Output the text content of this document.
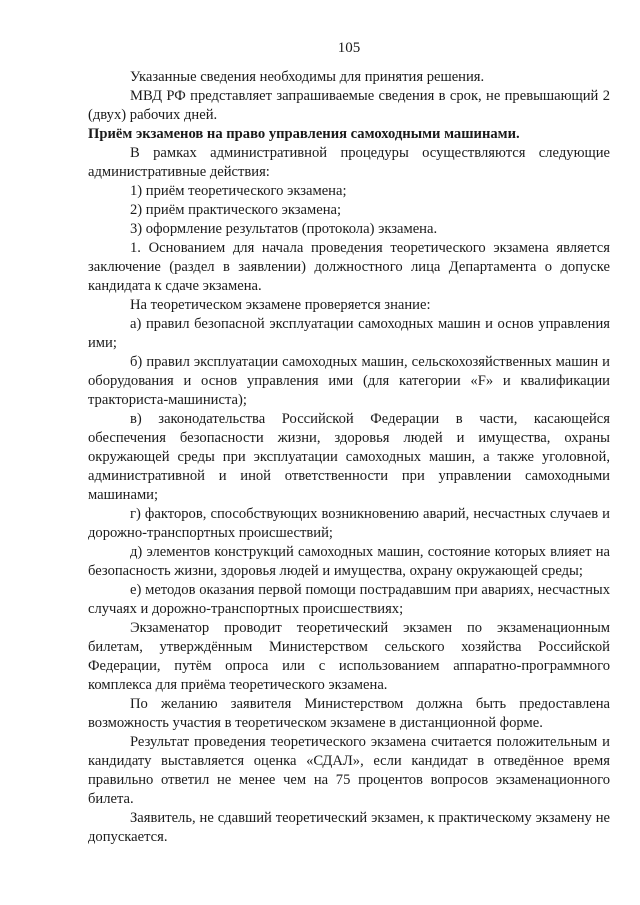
105

Указанные сведения необходимы для принятия решения.

МВД РФ представляет запрашиваемые сведения в срок, не превышающий 2 (двух) рабочих дней.

Приём экзаменов на право управления самоходными машинами.

В рамках административной процедуры осуществляются следующие административные действия:

1) приём теоретического экзамена;

2) приём практического экзамена;

3) оформление результатов (протокола) экзамена.

1. Основанием для начала проведения теоретического экзамена является заключение (раздел в заявлении) должностного лица Департамента о допуске кандидата к сдаче экзамена.

На теоретическом экзамене проверяется знание:

а) правил безопасной эксплуатации самоходных машин и основ управления ими;

б) правил эксплуатации самоходных машин, сельскохозяйственных машин и оборудования и основ управления ими (для категории «F» и квалификации тракториста-машиниста);

в) законодательства Российской Федерации в части, касающейся обеспечения безопасности жизни, здоровья людей и имущества, охраны окружающей среды при эксплуатации самоходных машин, а также уголовной, административной и иной ответственности при управлении самоходными машинами;

г) факторов, способствующих возникновению аварий, несчастных случаев и дорожно-транспортных происшествий;

д) элементов конструкций самоходных машин, состояние которых влияет на безопасность жизни, здоровья людей и имущества, охрану окружающей среды;

е) методов оказания первой помощи пострадавшим при авариях, несчастных случаях и дорожно-транспортных происшествиях;

Экзаменатор проводит теоретический экзамен по экзаменационным билетам, утверждённым Министерством сельского хозяйства Российской Федерации, путём опроса или с использованием аппаратно-программного комплекса для приёма теоретического экзамена.

По желанию заявителя Министерством должна быть предоставлена возможность участия в теоретическом экзамене в дистанционной форме.

Результат проведения теоретического экзамена считается положительным и кандидату выставляется оценка «СДАЛ», если кандидат в отведённое время правильно ответил не менее чем на 75 процентов вопросов экзаменационного билета.

Заявитель, не сдавший теоретический экзамен, к практическому экзамену не допускается.
